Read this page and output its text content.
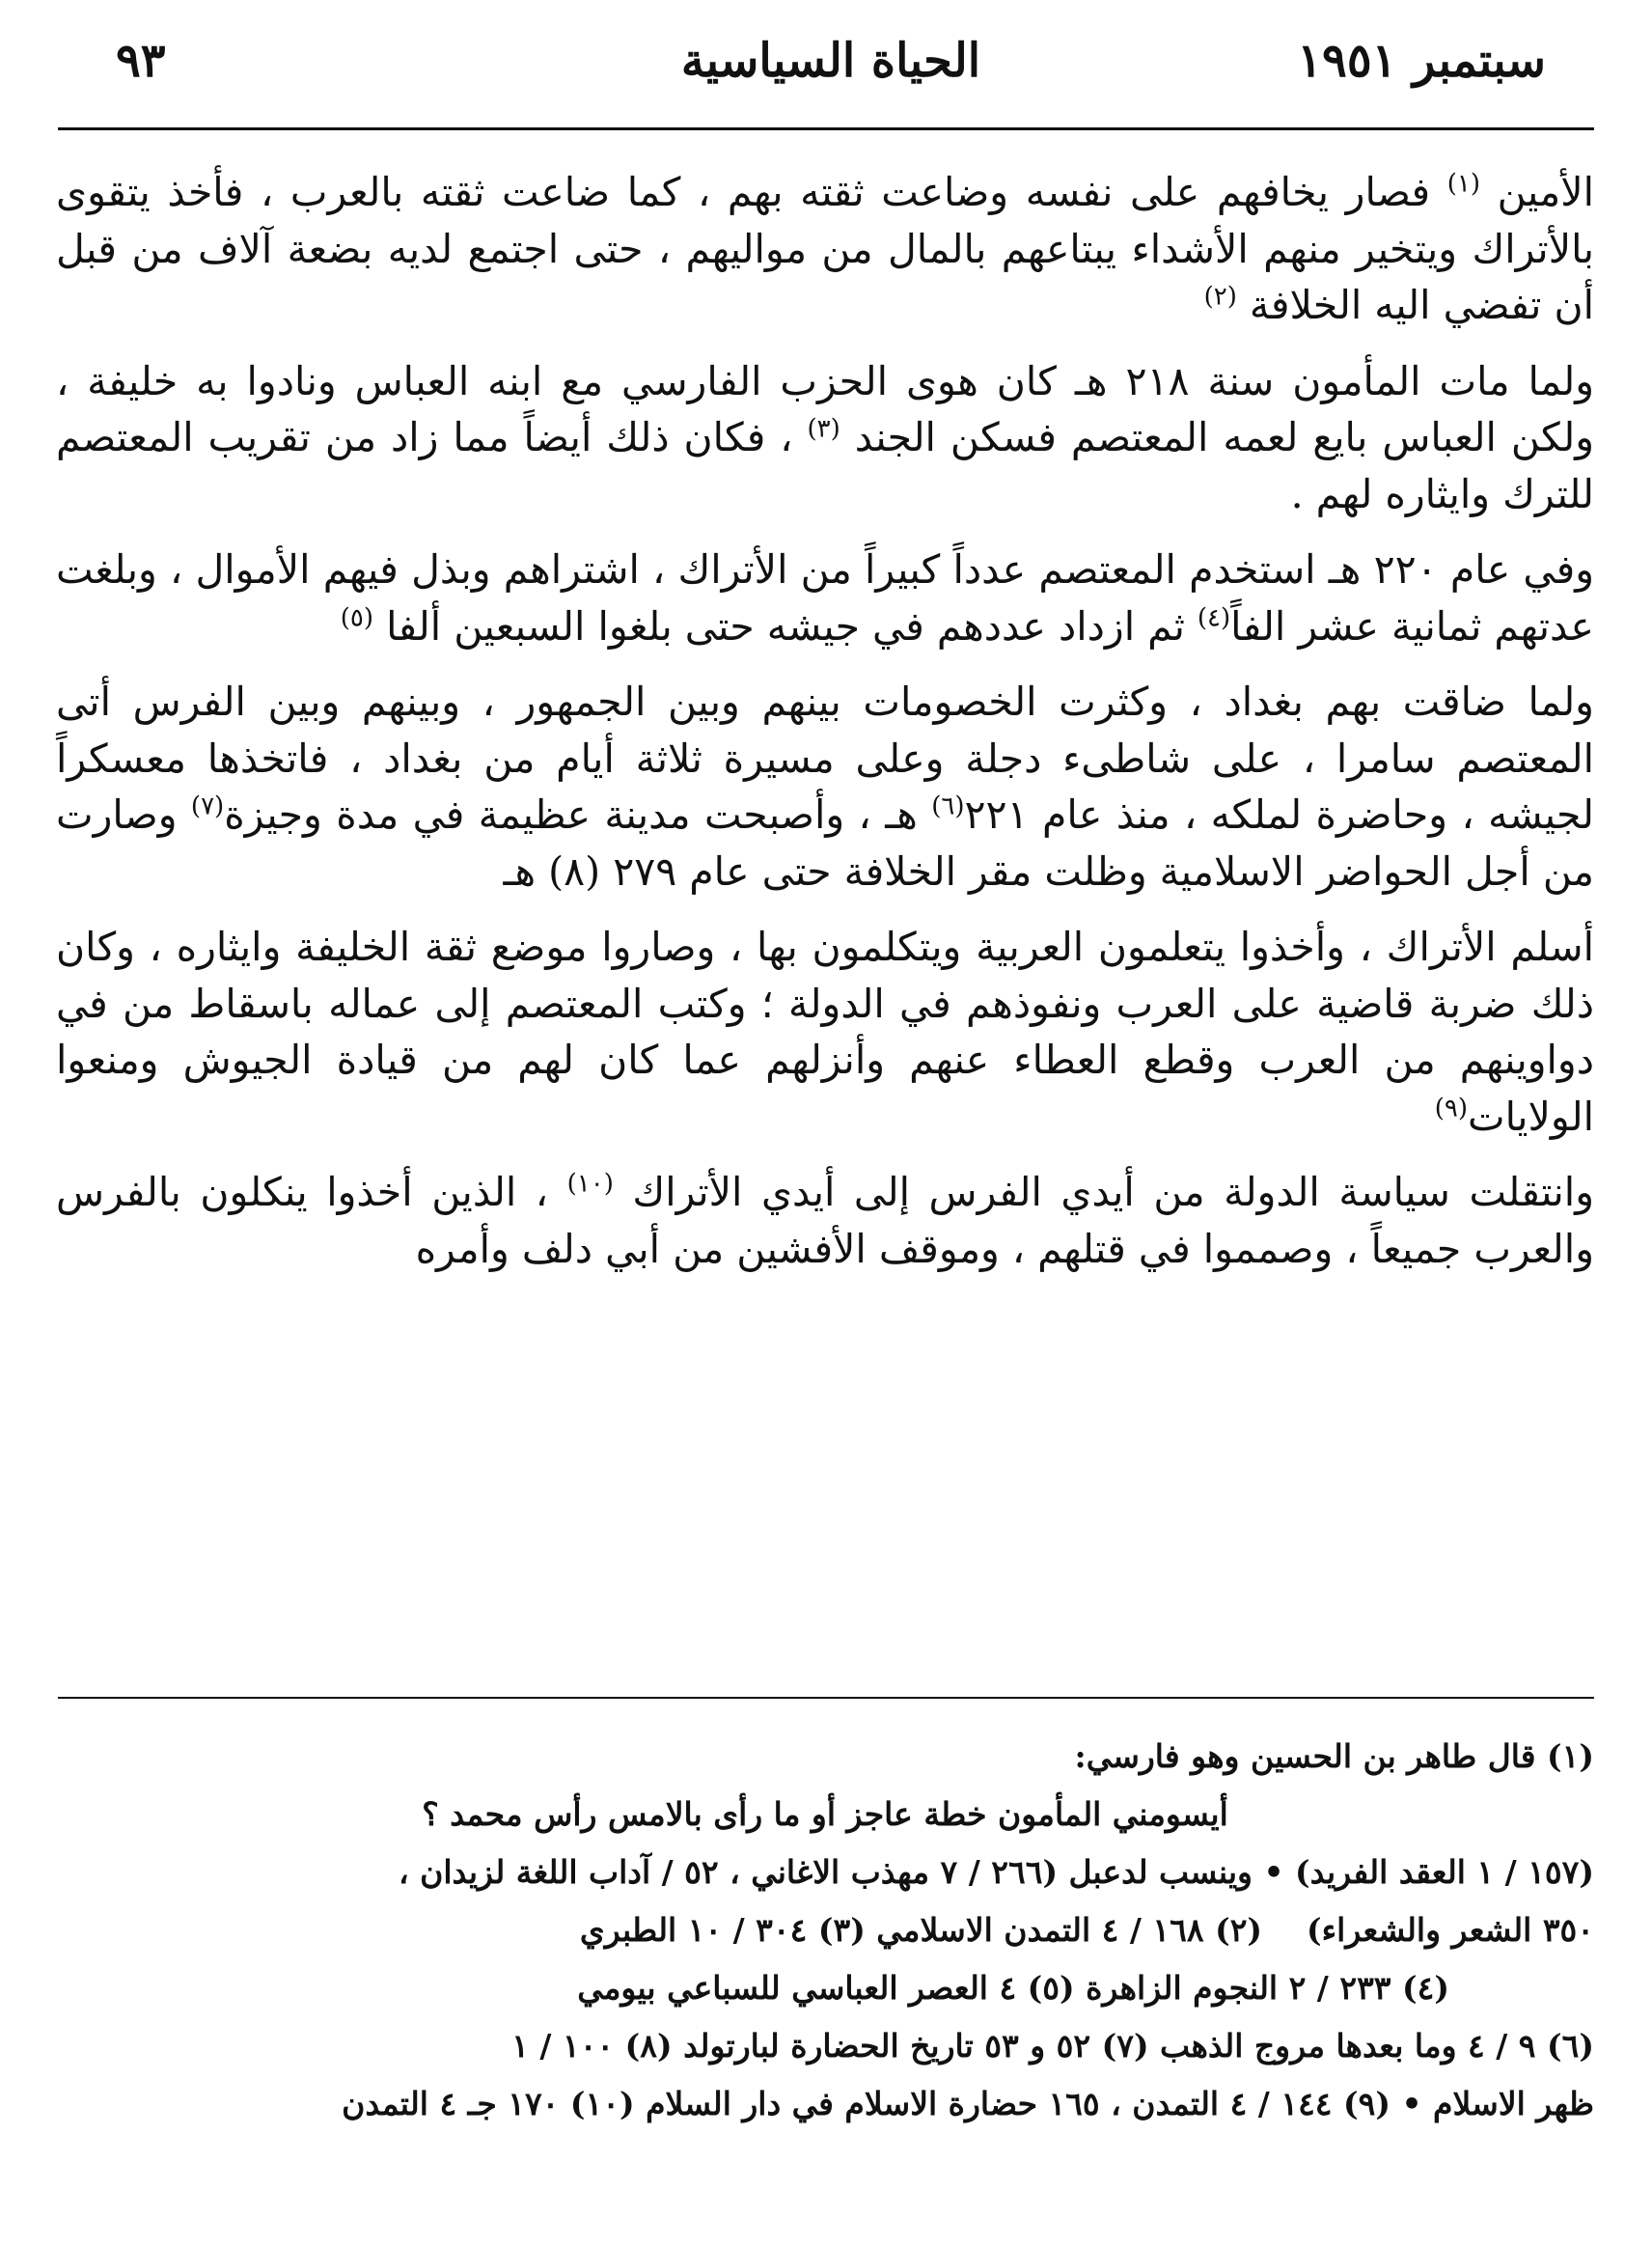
سبتمبر ١٩٥١
الحياة السياسية
٩٣

الأمين $^{(١)}$ فصار يخافهم على نفسه وضاعت ثقته بهم ، كما ضاعت ثقته بالعرب ، فأخذ يتقوى بالأتراك ويتخير منهم الأشداء يبتاعهم بالمال من مواليهم ، حتى اجتمع لديه بضعة آلاف من قبل أن تفضي اليه الخلافة $^{(٢)}$

ولما مات المأمون سنة ٢١٨ هـ كان هوى الحزب الفارسي مع ابنه العباس ونادوا به خليفة ، ولكن العباس بايع لعمه المعتصم فسكن الجند $^{(٣)}$ ، فكان ذلك أيضاً مما زاد من تقريب المعتصم للترك وايثاره لهم .

وفي عام ٢٢٠ هـ استخدم المعتصم عدداً كبيراً من الأتراك ، اشتراهم وبذل فيهم الأموال ، وبلغت عدتهم ثمانية عشر الفاً$^{(٤)}$ ثم ازداد عددهم في جيشه حتى بلغوا السبعين ألفا $^{(٥)}$

ولما ضاقت بهم بغداد ، وكثرت الخصومات بينهم وبين الجمهور ، وبينهم وبين الفرس أتى المعتصم سامرا ، على شاطىء دجلة وعلى مسيرة ثلاثة أيام من بغداد ، فاتخذها معسكراً لجيشه ، وحاضرة لملكه ، منذ عام ٢٢١$^{(٦)}$ هـ ، وأصبحت مدينة عظيمة في مدة وجيزة$^{(٧)}$ وصارت من أجل الحواضر الاسلامية وظلت مقر الخلافة حتى عام ٢٧٩ (٨) هـ

أسلم الأتراك ، وأخذوا يتعلمون العربية ويتكلمون بها ، وصاروا موضع ثقة الخليفة وايثاره ، وكان ذلك ضربة قاضية على العرب ونفوذهم في الدولة ؛ وكتب المعتصم إلى عماله باسقاط من في دواوينهم من العرب وقطع العطاء عنهم وأنزلهم عما كان لهم من قيادة الجيوش ومنعوا الولايات$^{(٩)}$

وانتقلت سياسة الدولة من أيدي الفرس إلى أيدي الأتراك $^{(١٠)}$ ، الذين أخذوا ينكلون بالفرس والعرب جميعاً ، وصمموا في قتلهم ، وموقف الأفشين من أبي دلف وأمره

(١) قال طاهر بن الحسين وهو فارسي:
أيسومني المأمون خطة عاجز أو ما رأى بالامس رأس محمد ؟
(١٥٧ / ١ العقد الفريد) • وينسب لدعبل (٢٦٦ / ٧ مهذب الاغاني ، ٥٢ / آداب اللغة لزيدان ،
٣٥٠ الشعر والشعراء)    (٢) ١٦٨ / ٤ التمدن الاسلامي (٣) ٣٠٤ / ١٠ الطبري
(٤) ٢٣٣ / ٢ النجوم الزاهرة (٥) ٤ العصر العباسي للسباعي بيومي
(٦) ٩ / ٤ وما بعدها مروج الذهب (٧) ٥٢ و ٥٣ تاريخ الحضارة لبارتولد (٨) ١٠٠ / ١
ظهر الاسلام • (٩) ١٤٤ / ٤ التمدن ، ١٦٥ حضارة الاسلام في دار السلام (١٠) ١٧٠ جـ ٤ التمدن
